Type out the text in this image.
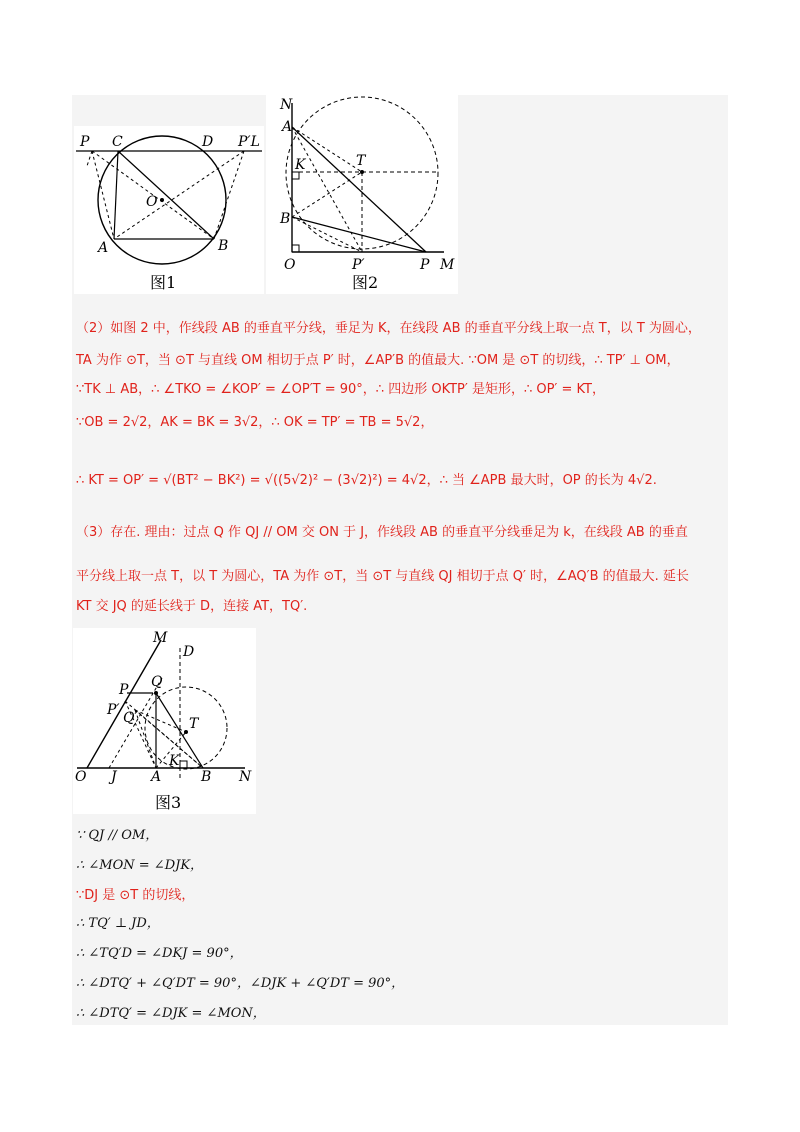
P C	D P′L
O
A	B
图1
N
A
K	T
B
O	P′	P M
图2
（2）如图 2 中，作线段 AB 的垂直平分线，垂足为 K，在线段 AB 的垂直平分线上取一点 T，以 T 为圆心，
TA 为作 ⊙T，当 ⊙T 与直线 OM 相切于点 P′ 时，∠AP′B 的值最大. ∵OM 是 ⊙T 的切线，∴ TP′ ⊥ OM，
∵TK ⊥ AB，∴ ∠TKO = ∠KOP′ = ∠OP′T = 90°，∴ 四边形 OKTP′ 是矩形，∴ OP′ = KT，
∵OB = 2√2，AK = BK = 3√2，∴ OK = TP′ = TB = 5√2，
∴ KT = OP′ = √(BT² − BK²) = √((5√2)² − (3√2)²) = 4√2，∴ 当 ∠APB 最大时，OP 的长为 4√2.
（3）存在. 理由：过点 Q 作 QJ // OM 交 ON 于 J，作线段 AB 的垂直平分线垂足为 k，在线段 AB 的垂直
平分线上取一点 T，以 T 为圆心，TA 为作 ⊙T，当 ⊙T 与直线 QJ 相切于点 Q′ 时，∠AQ′B 的值最大. 延长
KT 交 JQ 的延长线于 D，连接 AT，TQ′.
M
D
P Q
P′ Q′	T
O J A
K
B N
图3
∵ QJ // OM，
∴ ∠MON = ∠DJK，
∵DJ 是 ⊙T 的切线，
∴ TQ′ ⊥ JD，
∴ ∠TQ′D = ∠DKJ = 90°，
∴ ∠DTQ′ + ∠Q′DT = 90°，∠DJK + ∠Q′DT = 90°，
∴ ∠DTQ′ = ∠DJK = ∠MON，
